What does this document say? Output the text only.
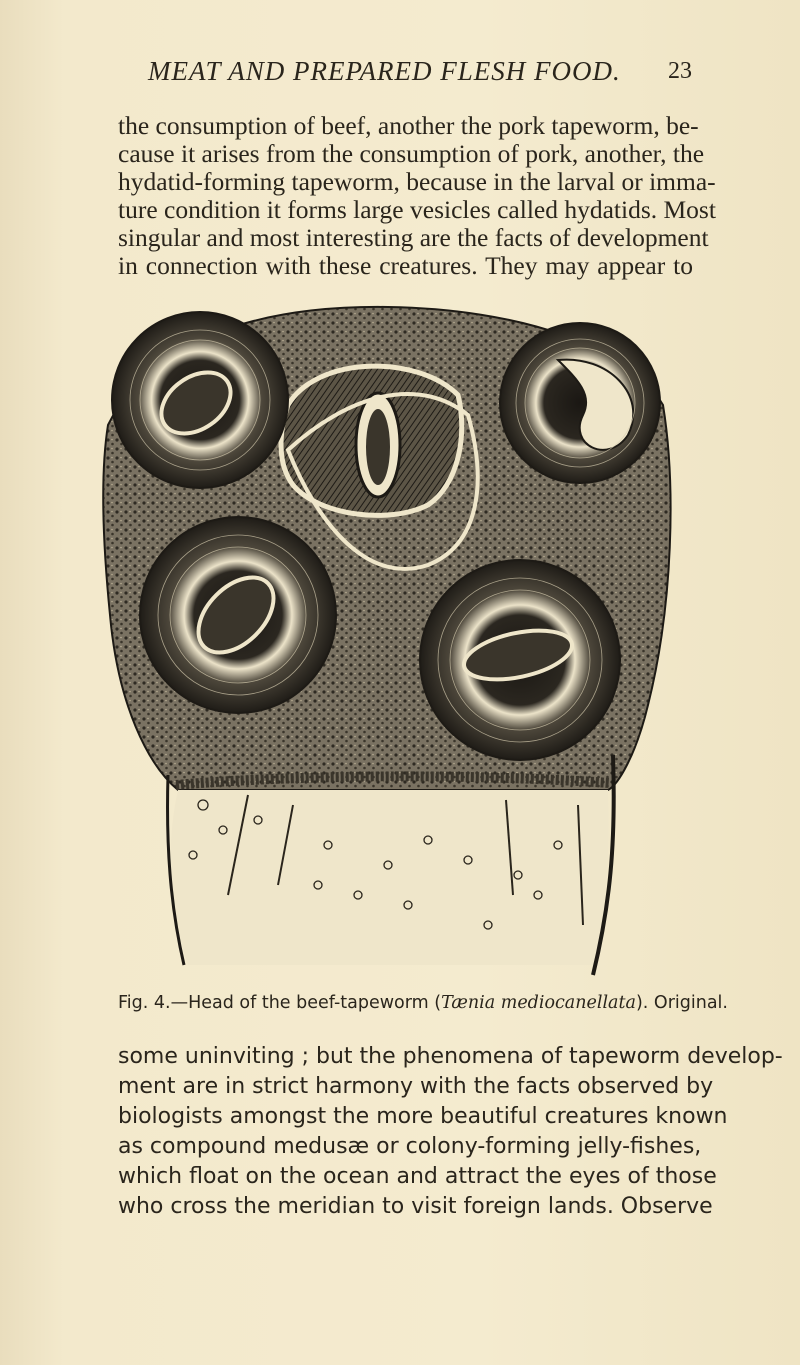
MEAT AND PREPARED FLESH FOOD. 23
the consumption of beef, another the pork tapeworm, be-
cause it arises from the consumption of pork, another, the
hydatid-forming tapeworm, because in the larval or imma-
ture condition it forms large vesicles called hydatids. Most
singular and most interesting are the facts of development
in connection with these creatures. They may appear to
Fig. 4.—Head of the beef-tapeworm (Tænia mediocanellata). Original.
some uninviting ; but the phenomena of tapeworm develop-
ment are in strict harmony with the facts observed by
biologists amongst the more beautiful creatures known
as compound medusæ or colony-forming jelly-fishes,
which float on the ocean and attract the eyes of those
who cross the meridian to visit foreign lands. Observe
